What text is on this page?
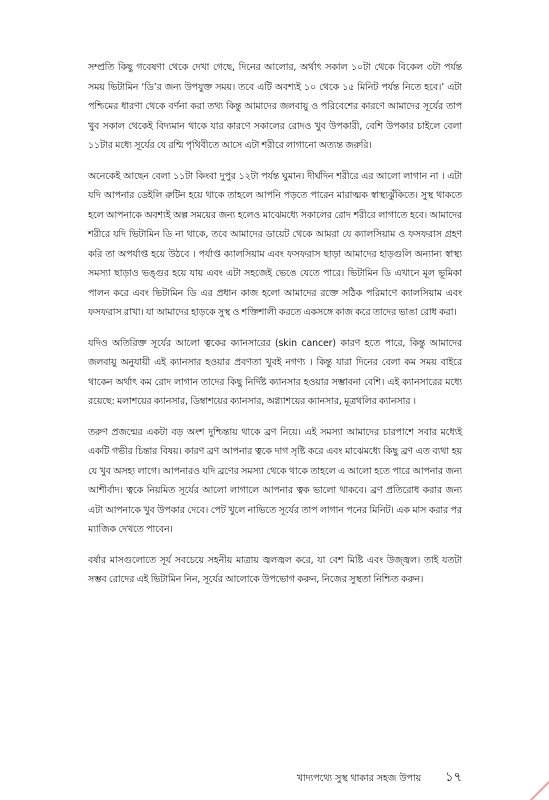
সম্প্রতি কিছু গবেষণা থেকে দেখা গেছে, দিনের আলোর, অর্থাৎ সকাল ১০টা থেকে বিকেল ৩টা পর্যন্ত সময় ভিটামিন ‘ডি’র জন্য উপযুক্ত সময়। তবে এটি অবশ্যই ১০ থেকে ১৫ মিনিট পর্যন্ত নিতে হবে।’ এটা পশ্চিমের ধারণা থেকে বর্ণনা করা তথ্য কিন্তু আমাদের জলবায়ু ও পরিবেশের কারণে আমাদের সূর্যের তাপ খুব সকাল থেকেই বিদ্যমান থাকে যার কারণে সকালের রোদও খুব উপকারী, বেশি উপকার চাইলে বেলা ১১টার মধ্যে সূর্যের যে রশ্মি পৃথিবীতে আসে এটা শরীরে লাগানো অত্যন্ত জরুরি।

অনেকেই আছেন বেলা ১১টা কিংবা দুপুর ১২টা পর্যন্ত ঘুমান। দীর্ঘদিন শরীরে এর আলো লাগান না । এটা যদি আপনার ডেইলি রুটিন হয়ে থাকে তাহলে আপনি পড়তে পারেন মারাত্মক স্বাস্থ্যঝুঁকিতে। সুস্থ থাকতে হলে আপনাকে অবশ্যই অল্প সময়ের জন্য হলেও মাঝেমধ্যে সকালের রোদ শরীরে লাগাতে হবে। আমাদের শরীরে যদি ভিটামিন ডি না থাকে, তবে আমাদের ডায়েট থেকে আমরা যে ক্যালসিয়াম ও ফসফরাস গ্রহণ করি তা অপর্যাপ্ত হয়ে উঠবে । পর্যাপ্ত ক্যালসিয়াম এবং ফসফরাস ছাড়া আমাদের হাড়গুলি অন্যান্য স্বাস্থ্য সমস্যা ছাড়াও ভঙ্গুর হয়ে যায় এবং এটা সহজেই ভেঙে যেতে পারে। ভিটামিন ডি এখানে মূল ভূমিকা পালন করে এবং ভিটামিন ডি এর প্রধান কাজ হলো আমাদের রক্তে সঠিক পরিমাণে ক্যালসিয়াম এবং ফসফরাস রাখা। যা আমাদের হাড়কে সুস্থ ও শক্তিশালী করতে একসঙ্গে কাজ করে তাদের ভাঙা রোধ করা।

যদিও অতিরিক্ত সূর্যের আলো ত্বকের ক্যানসারের (skin cancer) কারণ হতে পারে, কিন্তু আমাদের জলবায়ু অনুযায়ী এই ক্যানসার হওয়ার প্রবণতা খুবই নগণ্য । কিন্তু যারা দিনের বেলা কম সময় বাইরে থাকেন অর্থাৎ কম রোদ লাগান তাদের কিছু নির্দিষ্ট ক্যানসার হওয়ার সম্ভাবনা বেশি। এই ক্যানসারের মধ্যে রয়েছে: মলাশয়ের ক্যানসার, ডিম্বাশয়ের ক্যানসার, অগ্ন্যাশয়ের ক্যানসার, মূত্রথলির ক্যানসার ।

তরুণ প্রজন্মের একটা বড় অংশ দুশ্চিন্তায় থাকে ব্রণ নিয়ে। এই সমস্যা আমাদের চারপাশে সবার মধ্যেই একটি গভীর চিন্তার বিষয়। কারণ ব্রণ আপনার ত্বকে দাগ সৃষ্টি করে এবং মাঝেমধ্যে কিছু ব্রণ এত ব্যথা হয় যে খুব অসহ্য লাগে। আপনারও যদি ব্রণের সমস্যা থেকে থাকে তাহলে এ আলো হতে পারে আপনার জন্য আশীর্বাদ। ত্বকে নিয়মিত সূর্যের আলো লাগালে আপনার ত্বক ভালো থাকবে। ব্রণ প্রতিরোধ করার জন্য এটা আপনাকে খুব উপকার দেবে। পেট খুলে নাভিতে সূর্যের তাপ লাগান পনের মিনিট। এক মাস করার পর ম্যাজিক দেখতে পাবেন।

বর্ষার মাসগুলোতে সূর্য সবচেয়ে সহনীয় মাত্রায় জ্বলজ্বল করে, যা বেশ মিষ্টি এবং উজ্জ্বল। তাই যতটা সম্ভব রোদের এই ভিটামিন নিন, সূর্যের আলোকে উপভোগ করুন, নিজের সুস্থতা নিশ্চিত করুন।

খাদ্যপথ্যে সুস্থ থাকার সহজ উপায় ১৭
